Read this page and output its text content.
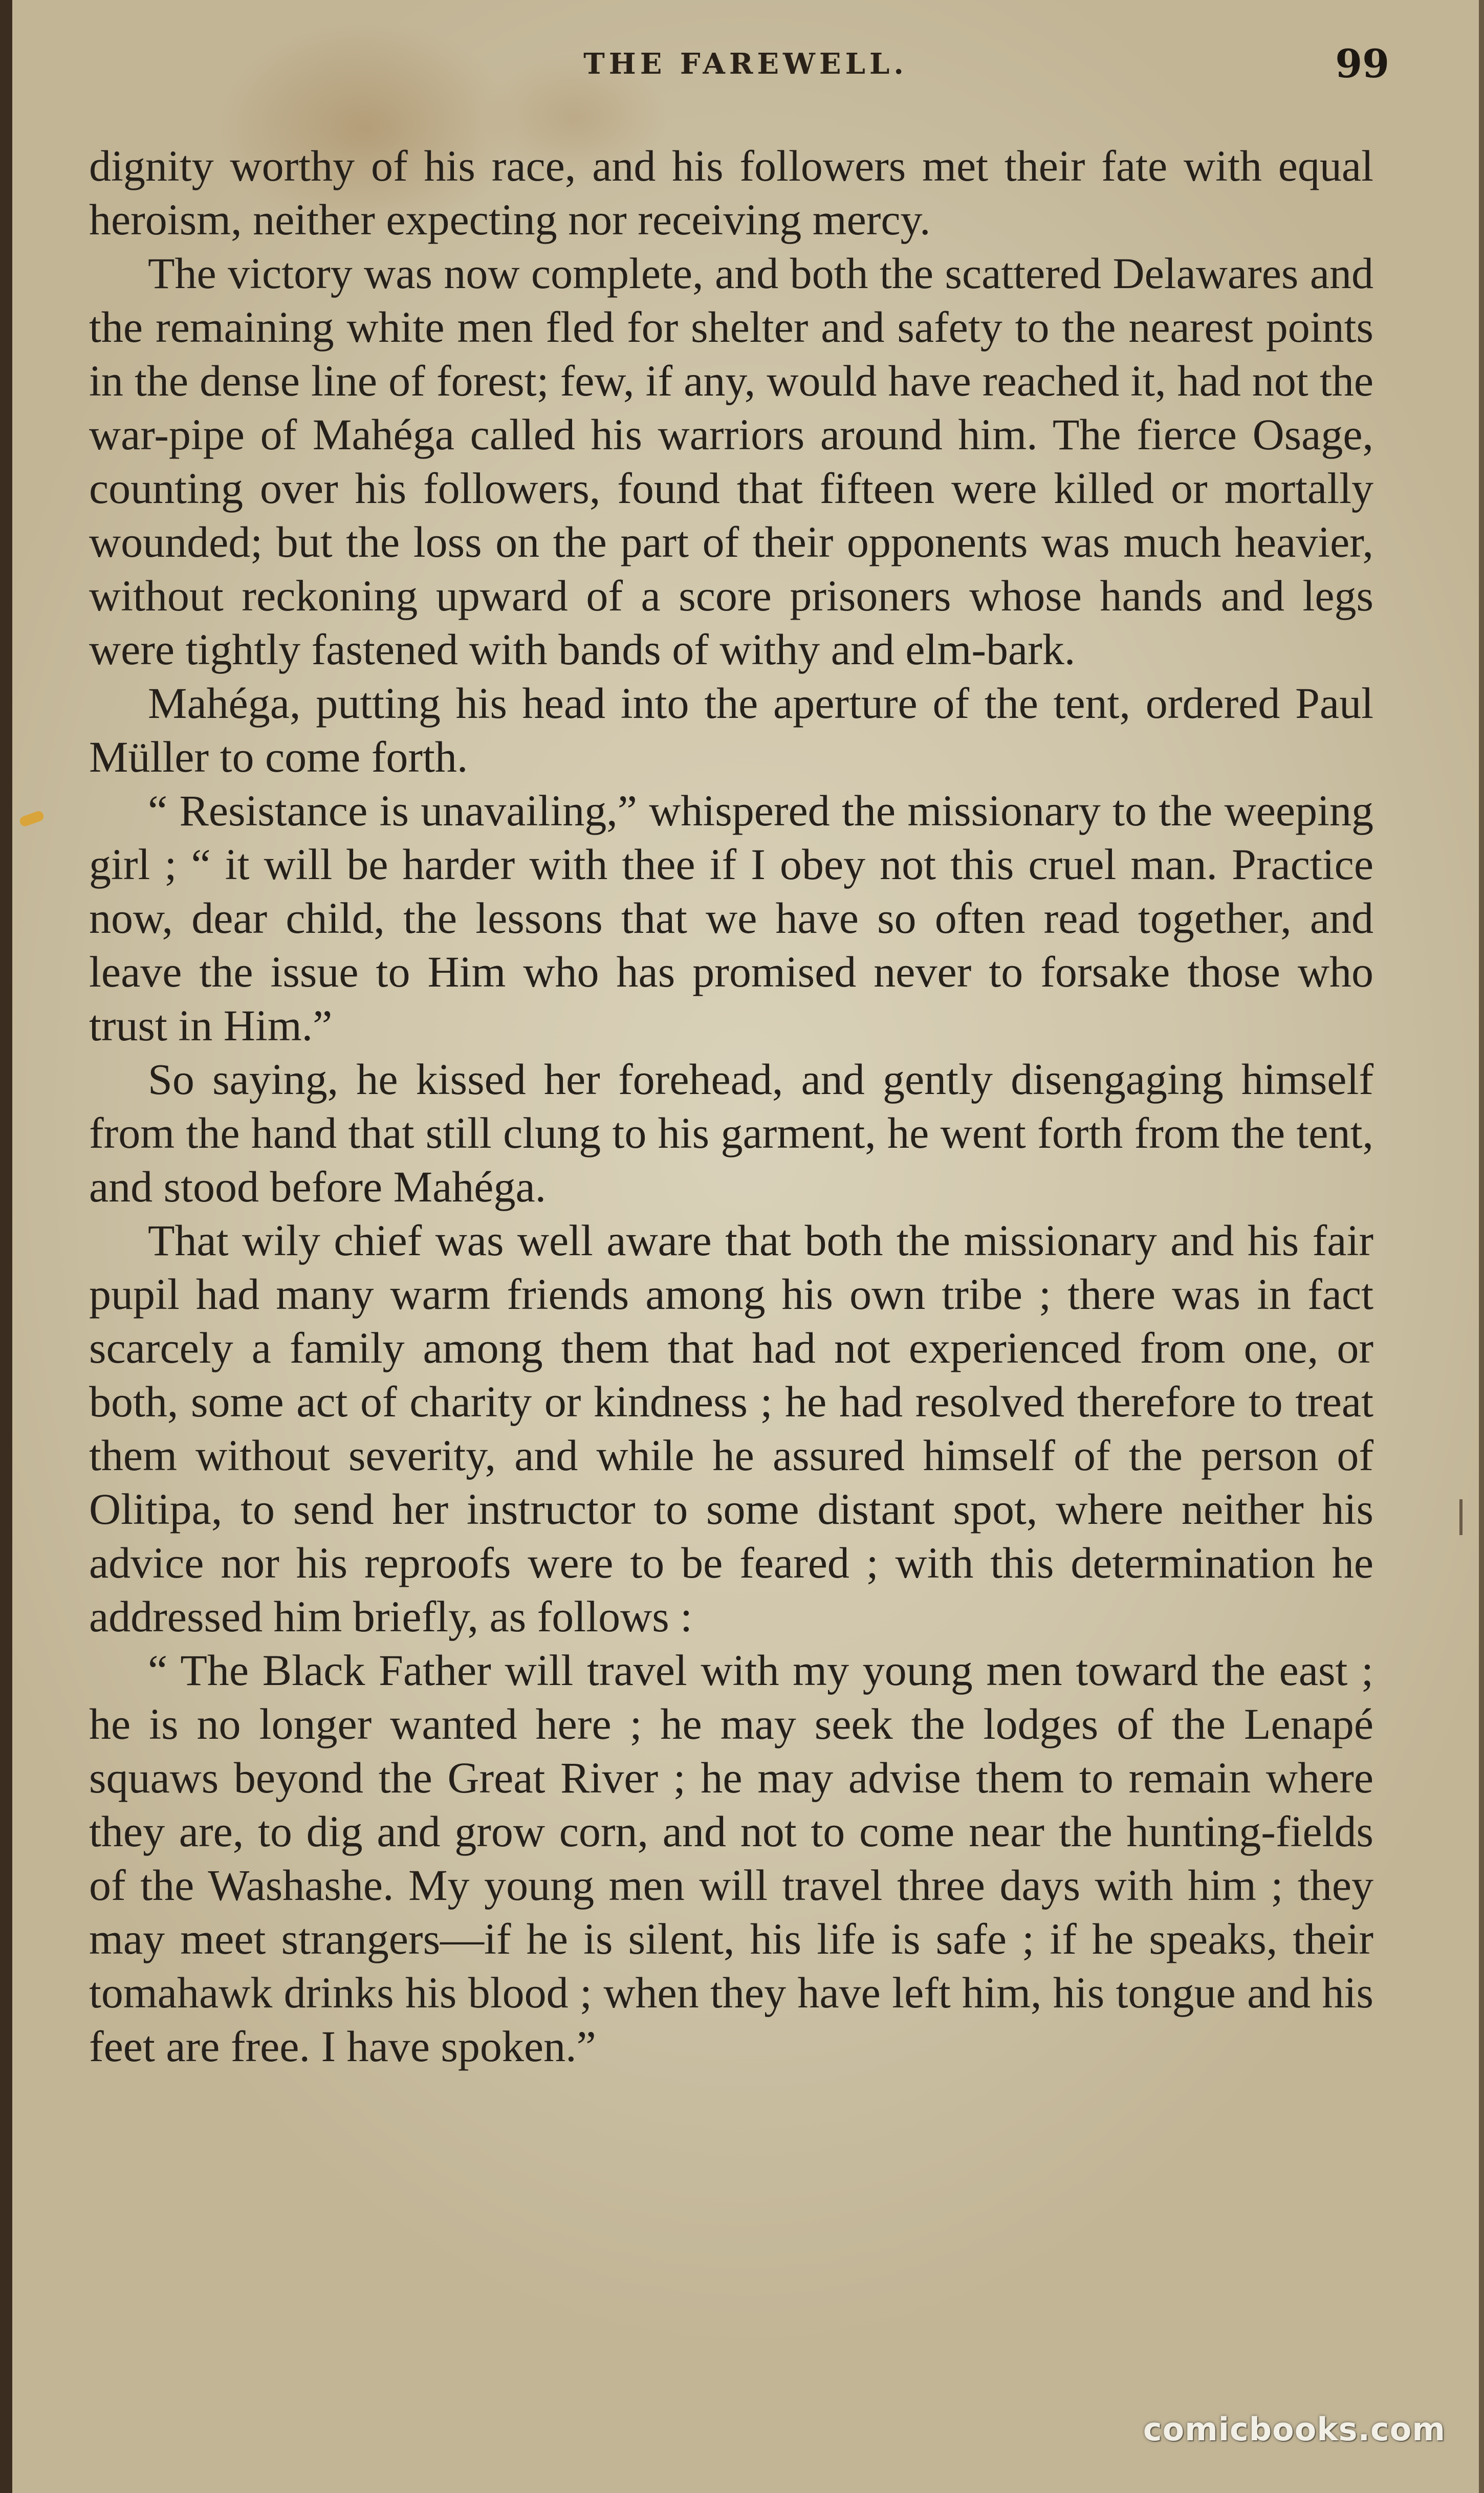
THE FAREWELL.	99

dignity worthy of his race, and his followers met their fate with equal heroism, neither expecting nor receiving mercy.

The victory was now complete, and both the scattered Delawares and the remaining white men fled for shelter and safety to the nearest points in the dense line of forest; few, if any, would have reached it, had not the war-pipe of Mahéga called his warriors around him. The fierce Osage, counting over his followers, found that fifteen were killed or mortally wounded; but the loss on the part of their opponents was much heavier, without reckoning upward of a score prisoners whose hands and legs were tightly fastened with bands of withy and elm-bark.

Mahéga, putting his head into the aperture of the tent, ordered Paul Müller to come forth.

“ Resistance is unavailing,” whispered the missionary to the weeping girl ; “ it will be harder with thee if I obey not this cruel man. Practice now, dear child, the lessons that we have so often read together, and leave the issue to Him who has promised never to forsake those who trust in Him.”

So saying, he kissed her forehead, and gently disengaging himself from the hand that still clung to his garment, he went forth from the tent, and stood before Mahéga.

That wily chief was well aware that both the missionary and his fair pupil had many warm friends among his own tribe ; there was in fact scarcely a family among them that had not experienced from one, or both, some act of charity or kindness ; he had resolved therefore to treat them without severity, and while he assured himself of the person of Olitipa, to send her instructor to some distant spot, where neither his advice nor his reproofs were to be feared ; with this determination he addressed him briefly, as follows :

“ The Black Father will travel with my young men toward the east ; he is no longer wanted here ; he may seek the lodges of the Lenapé squaws beyond the Great River ; he may advise them to remain where they are, to dig and grow corn, and not to come near the hunting-fields of the Washashe. My young men will travel three days with him ; they may meet strangers—if he is silent, his life is safe ; if he speaks, their tomahawk drinks his blood ; when they have left him, his tongue and his feet are free. I have spoken.”

comicbooks.com
